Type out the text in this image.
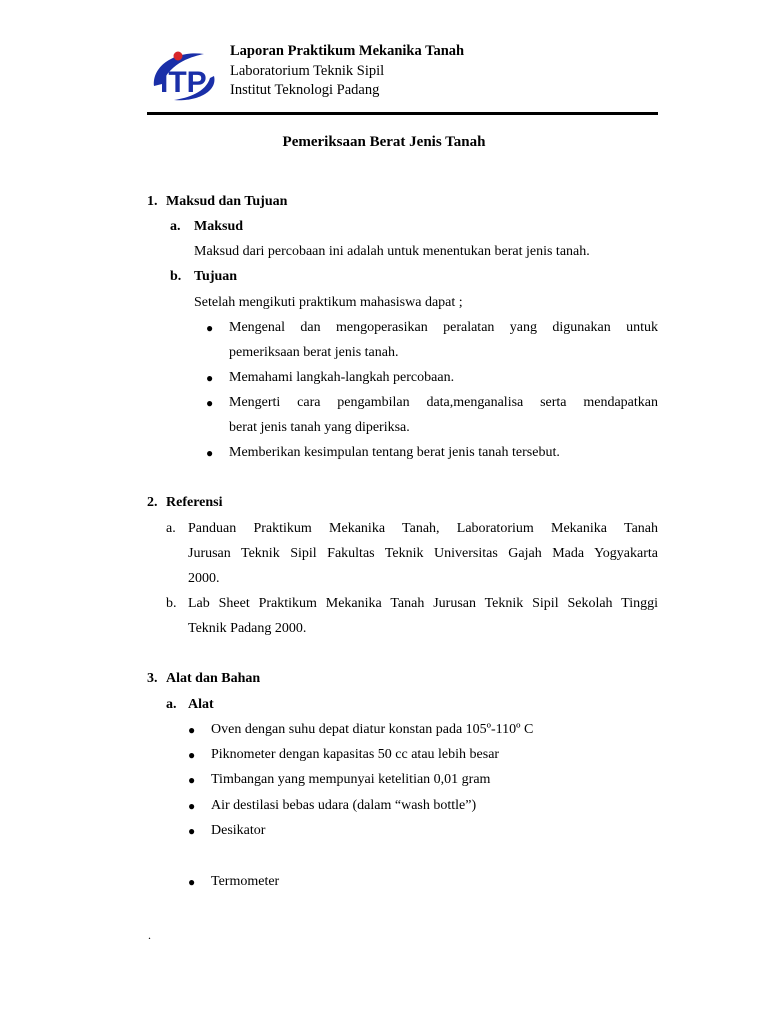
ITP
Laporan Praktikum Mekanika Tanah
Laboratorium Teknik Sipil
Institut Teknologi Padang
Pemeriksaan Berat Jenis Tanah
1. Maksud dan Tujuan
a. Maksud
Maksud dari percobaan ini adalah untuk menentukan berat jenis tanah.
b. Tujuan
Setelah mengikuti praktikum mahasiswa dapat ;
● Mengenal dan mengoperasikan peralatan yang digunakan untuk
pemeriksaan berat jenis tanah.
● Memahami langkah-langkah percobaan.
● Mengerti cara pengambilan data,menganalisa serta mendapatkan
berat jenis tanah yang diperiksa.
● Memberikan kesimpulan tentang berat jenis tanah tersebut.
2. Referensi
a. Panduan Praktikum Mekanika Tanah, Laboratorium Mekanika Tanah
Jurusan Teknik Sipil Fakultas Teknik Universitas Gajah Mada Yogyakarta
2000.
b. Lab Sheet Praktikum Mekanika Tanah Jurusan Teknik Sipil Sekolah Tinggi
Teknik Padang 2000.
3. Alat dan Bahan
a. Alat
● Oven dengan suhu depat diatur konstan pada 105º-110º C
● Piknometer dengan kapasitas 50 cc atau lebih besar
● Timbangan yang mempunyai ketelitian 0,01 gram
● Air destilasi bebas udara (dalam “wash bottle”)
● Desikator
● Termometer
.
